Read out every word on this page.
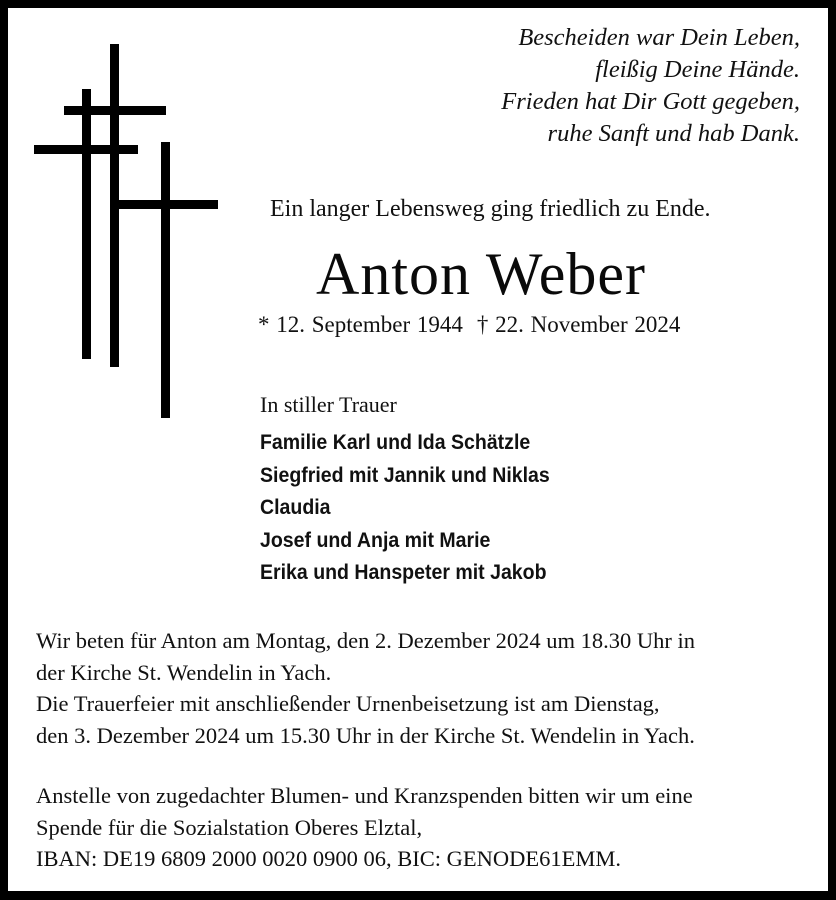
Bescheiden war Dein Leben,
fleißig Deine Hände.
Frieden hat Dir Gott gegeben,
ruhe Sanft und hab Dank.
Ein langer Lebensweg ging friedlich zu Ende.
Anton Weber
* 12. September 1944 † 22. November 2024
In stiller Trauer
Familie Karl und Ida Schätzle
Siegfried mit Jannik und Niklas
Claudia
Josef und Anja mit Marie
Erika und Hanspeter mit Jakob
Wir beten für Anton am Montag, den 2. Dezember 2024 um 18.30 Uhr in
der Kirche St. Wendelin in Yach.
Die Trauerfeier mit anschließender Urnenbeisetzung ist am Dienstag,
den 3. Dezember 2024 um 15.30 Uhr in der Kirche St. Wendelin in Yach.
Anstelle von zugedachter Blumen- und Kranzspenden bitten wir um eine
Spende für die Sozialstation Oberes Elztal,
IBAN: DE19 6809 2000 0020 0900 06, BIC: GENODE61EMM.
